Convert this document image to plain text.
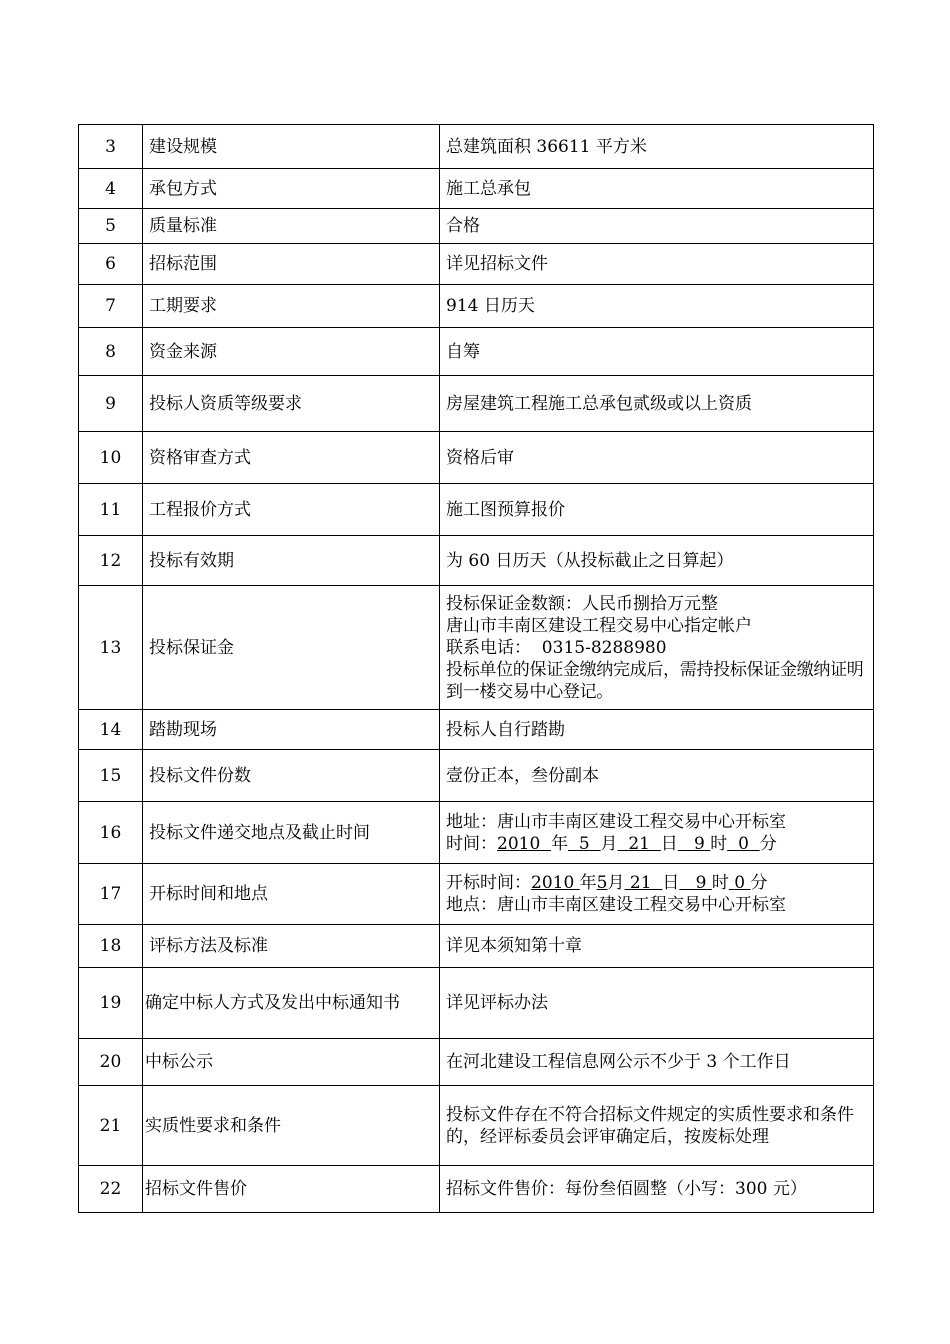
3	建设规模	总建筑面积 36611 平方米
4	承包方式	施工总承包
5	质量标准	合格
6	招标范围	详见招标文件
7	工期要求	914 日历天
8	资金来源	自筹
9	投标人资质等级要求	房屋建筑工程施工总承包贰级或以上资质
10	资格审查方式	资格后审
11	工程报价方式	施工图预算报价
12	投标有效期	为 60 日历天（从投标截止之日算起）
13	投标保证金	投标保证金数额：人民币捌拾万元整
唐山市丰南区建设工程交易中心指定帐户
联系电话：  0315-8288980
投标单位的保证金缴纳完成后，需持投标保证金缴纳证明到一楼交易中心登记。

14	踏勘现场	投标人自行踏勘
15	投标文件份数	壹份正本，叁份副本
16	投标文件递交地点及截止时间	地址：唐山市丰南区建设工程交易中心开标室
时间：2010 年 5 月 21 日 9 时 0 分

17	开标时间和地点	开标时间：2010 年5月 21 日 9 时 0 分
地点：唐山市丰南区建设工程交易中心开标室

18	评标方法及标准	详见本须知第十章
19	确定中标人方式及发出中标通知书	详见评标办法
20	中标公示	在河北建设工程信息网公示不少于 3 个工作日
21	实质性要求和条件	投标文件存在不符合招标文件规定的实质性要求和条件的，经评标委员会评审确定后，按废标处理
22	招标文件售价	招标文件售价：每份叁佰圆整（小写：300 元）
